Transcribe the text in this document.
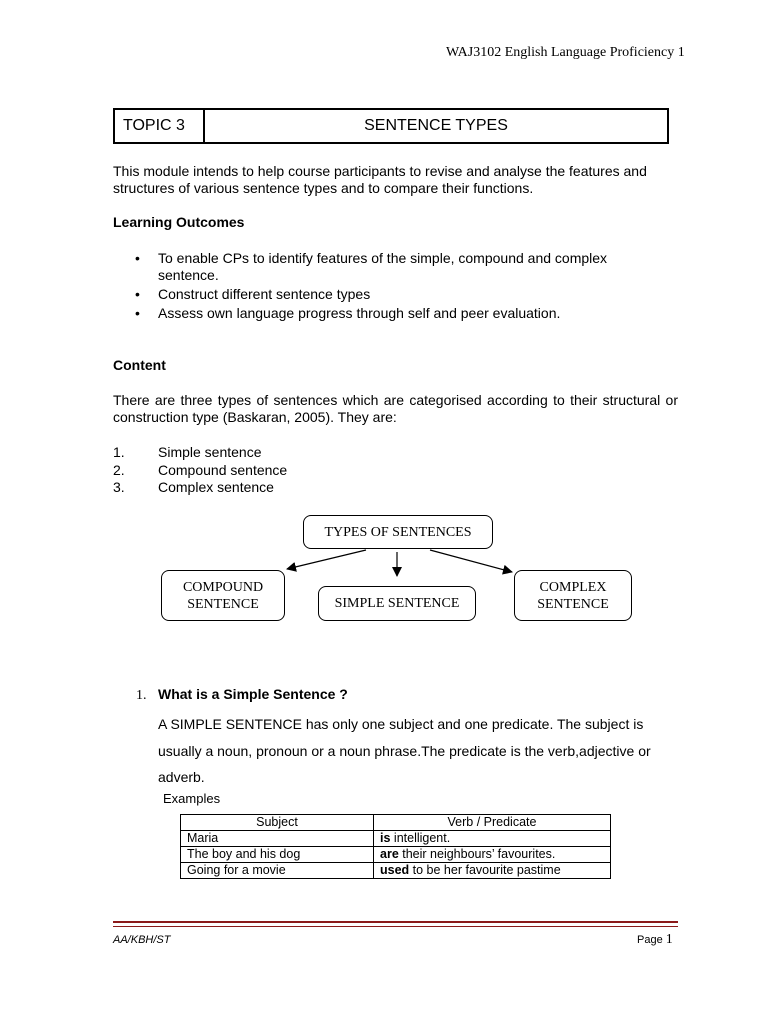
WAJ3102 English Language Proficiency 1
TOPIC 3	SENTENCE TYPES

This module intends to help course participants to revise and analyse the features and structures of various sentence types and to compare their functions.

Learning Outcomes

• To enable CPs to identify features of the simple, compound and complex sentence.
• Construct different sentence types
• Assess own language progress through self and peer evaluation.

Content

There are three types of sentences which are categorised according to their structural or construction type (Baskaran, 2005). They are:

1. Simple sentence
2. Compound sentence
3. Complex sentence
TYPES OF SENTENCES
COMPOUND
SENTENCE	SIMPLE SENTENCE
COMPLEX
SENTENCE
1. What is a Simple Sentence ?

A SIMPLE SENTENCE has only one subject and one predicate. The subject is usually a noun, pronoun or a noun phrase.The predicate is the verb,adjective or adverb.

Examples
Subject	Verb / Predicate
Maria	is intelligent.
The boy and his dog	are their neighbours’ favourites.
Going for a movie	used to be her favourite pastime
AA/KBH/ST	Page 1
